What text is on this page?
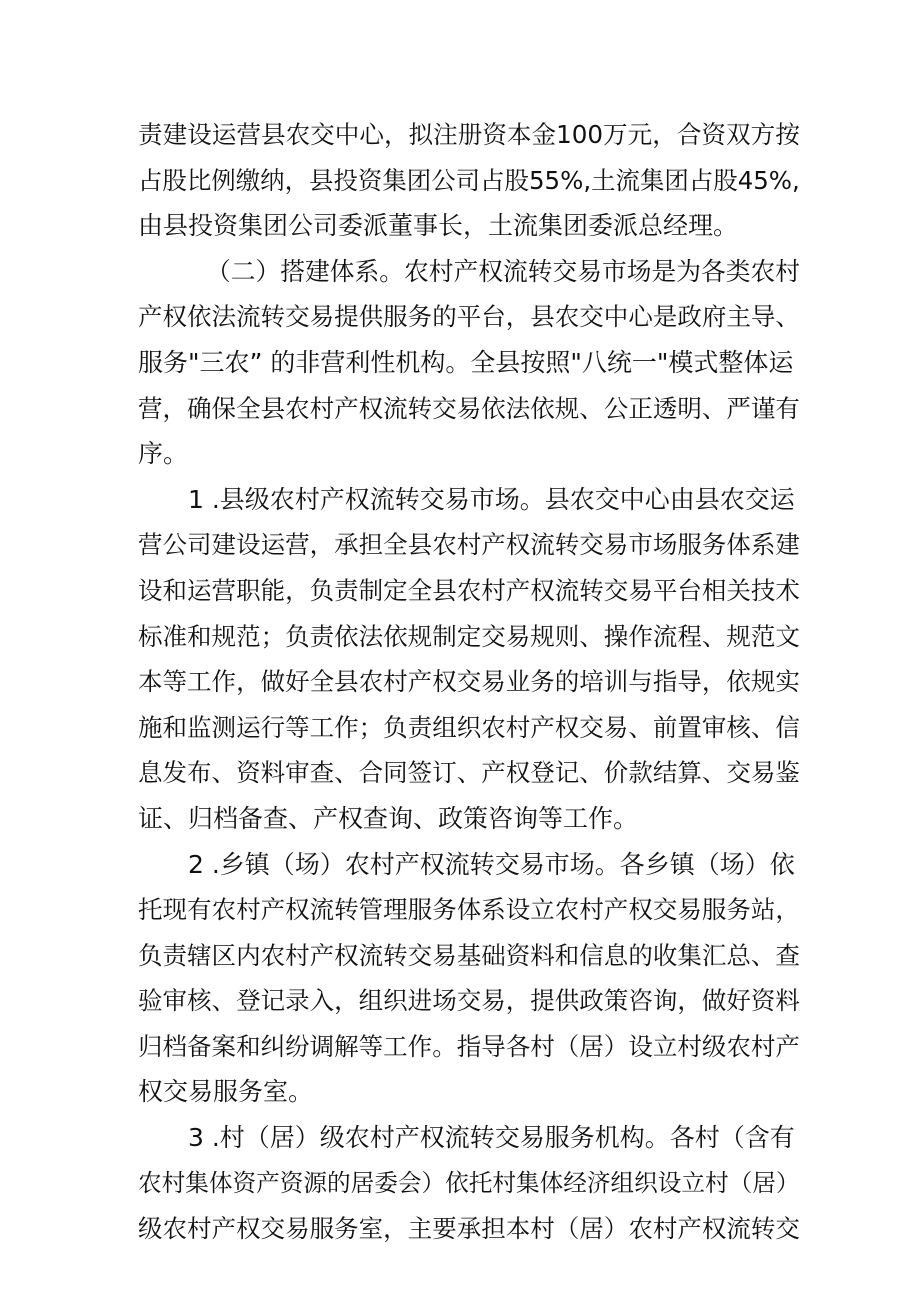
责建设运营县农交中心，拟注册资本金100万元，合资双方按
占股比例缴纳，县投资集团公司占股55%,土流集团占股45%,
由县投资集团公司委派董事长，土流集团委派总经理。

（二）搭建体系。农村产权流转交易市场是为各类农村
产权依法流转交易提供服务的平台，县农交中心是政府主导、
服务"三农” 的非营利性机构。全县按照"八统一"模式整体运
营，确保全县农村产权流转交易依法依规、公正透明、严谨有
序。

1 .县级农村产权流转交易市场。县农交中心由县农交运
营公司建设运营，承担全县农村产权流转交易市场服务体系建
设和运营职能，负责制定全县农村产权流转交易平台相关技术
标准和规范；负责依法依规制定交易规则、操作流程、规范文
本等工作，做好全县农村产权交易业务的培训与指导，依规实
施和监测运行等工作；负责组织农村产权交易、前置审核、信
息发布、资料审查、合同签订、产权登记、价款结算、交易鉴
证、归档备查、产权查询、政策咨询等工作。

2 .乡镇（场）农村产权流转交易市场。各乡镇（场）依
托现有农村产权流转管理服务体系设立农村产权交易服务站，
负责辖区内农村产权流转交易基础资料和信息的收集汇总、查
验审核、登记录入，组织进场交易，提供政策咨询，做好资料
归档备案和纠纷调解等工作。指导各村（居）设立村级农村产
权交易服务室。

3 .村（居）级农村产权流转交易服务机构。各村（含有
农村集体资产资源的居委会）依托村集体经济组织设立村（居）
级农村产权交易服务室，主要承担本村（居）农村产权流转交
